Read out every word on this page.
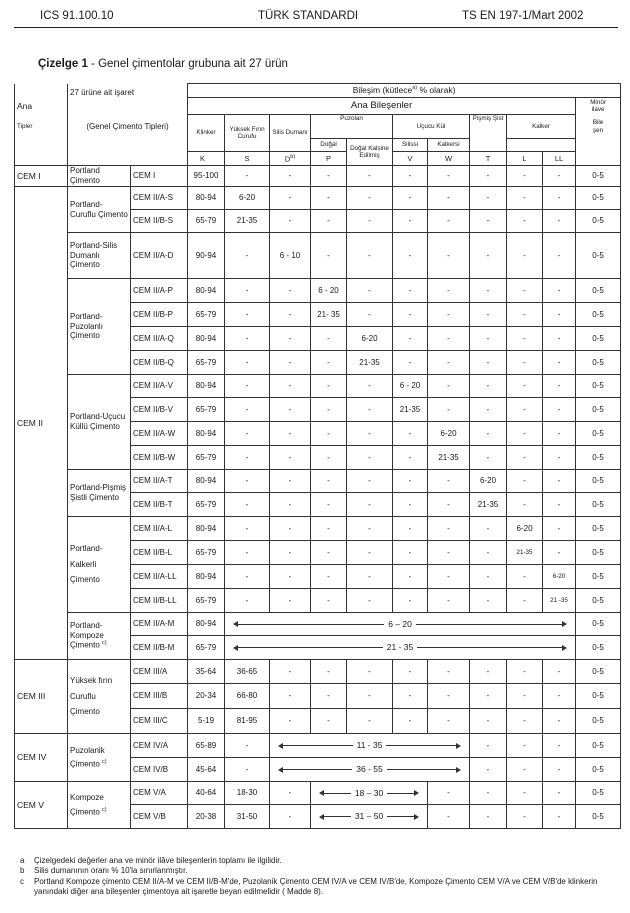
ICS 91.100.10	TÜRK STANDARDI	TS EN 197-1/Mart 2002
Çizelge 1 - Genel çimentolar grubuna ait 27 ürün
	27 ürüne ait işaret		Bileşim (kütlece$^{a)}$ % olarak)										
Ana			Ana Bileşenler										Minör
ilave

Tipler	(Genel Çimento Tipleri)		Klinker	Yüksek Fırın Curufu	Silis Dumanı	Puzolan		Uçucu Kül		Pişmiş Şist	Kalker		Bile
şen

						Doğal	Doğal Kalsine Edilmiş	Silissi	Kalkersi				
			K	S	$D^{b)}$	P		V	W	T	L	LL	
CEM I	Portland Çimento	CEM I	95-100	-	-	-	-	-	-	-	-	-	0-5
CEM II	Portland-Curuflu Çimento	CEM II/A-S	80-94	6-20	-	-	-	-	-	-	-	-	0-5
		CEM II/B-S	65-79	21-35	-	-	-	-	-	-	-	-	0-5
	Portland-Silis Dumanlı Çimento	CEM II/A-D	90-94	-	6 - 10	-	-	-	-	-	-	-	0-5
	Portland-Puzolanlı Çimento	CEM II/A-P	80-94	-	-	6 - 20	-	-	-	-	-	-	0-5
		CEM II/B-P	65-79	-	-	21- 35	-	-	-	-	-	-	0-5
		CEM II/A-Q	80-94	-	-	-	6-20	-	-	-	-	-	0-5
		CEM II/B-Q	65-79	-	-	-	21-35	-	-	-	-	-	0-5
	Portland-Uçucu Küllü Çimento	CEM II/A-V	80-94	-	-	-	-	6 - 20	-	-	-	-	0-5
		CEM II/B-V	65-79	-	-	-	-	21-35	-	-	-	-	0-5
		CEM II/A-W	80-94	-	-	-	-	-	6-20	-	-	-	0-5
		CEM II/B-W	65-79	-	-	-	-	-	21-35	-	-	-	0-5
	Portland-Pişmiş Şistli Çimento	CEM II/A-T	80-94	-	-	-	-	-	-	6-20	-	-	0-5
		CEM II/B-T	65-79	-	-	-	-	-	-	21-35	-	-	0-5

	Portland-
Kalkerli
Çimento	CEM II/A-L	80-94	-	-	-	-	-	-	-	6-20	-	0-5
		CEM II/B-L	65-79	-	-	-	-	-	-	-	21-35	-	0-5
		CEM II/A-LL	80-94	-	-	-	-	-	-	-	-	6-20	0-5
		CEM II/B-LL	65-79	-	-	-	-	-	-	-	-	21 -35	0-5
	Portland-Kompoze Çimento $^{c)}$	CEM II/A-M	80-94	6 – 20									0-5
		CEM II/B-M	65-79	21 - 35									0-5
CEM III	Yüksek fırın
Curuflu
Çimento	CEM III/A	35-64	36-65	-	-	-	-	-	-	-	-	0-5
		CEM III/B	20-34	66-80	-	-	-	-	-	-	-	-	0-5
		CEM III/C	5-19	81-95	-	-	-	-	-	-	-	-	0-5
CEM IV	Puzolanik
Çimento $^{c)}$	CEM IV/A	65-89	-	11 - 35					-	-	-	0-5
		CEM IV/B	45-64	-	36 - 55					-	-	-	0-5
CEM V	Kompoze
Çimento $^{c)}$	CEM V/A	40-64	18-30	-	18 – 30			-	-	-	-	0-5
		CEM V/B	20-38	31-50	-	31 – 50			-	-	-	-	0-5
a	Çizelgedeki değerler ana ve minör ilâve bileşenlerin toplamı ile ilgilidir.
b	Silis dumanının oranı % 10'la sınırlanmıştır.
c	Portland Kompoze çimento CEM II/A-M ve CEM II/B-M'de, Puzolanik Çimento CEM IV/A ve CEM IV/B'de, Kompoze Çimento CEM V/A ve CEM V/B'de klinkerin yanındaki diğer ana bileşenler çimentoya ait işaretle beyan edilmelidir ( Madde 8).
